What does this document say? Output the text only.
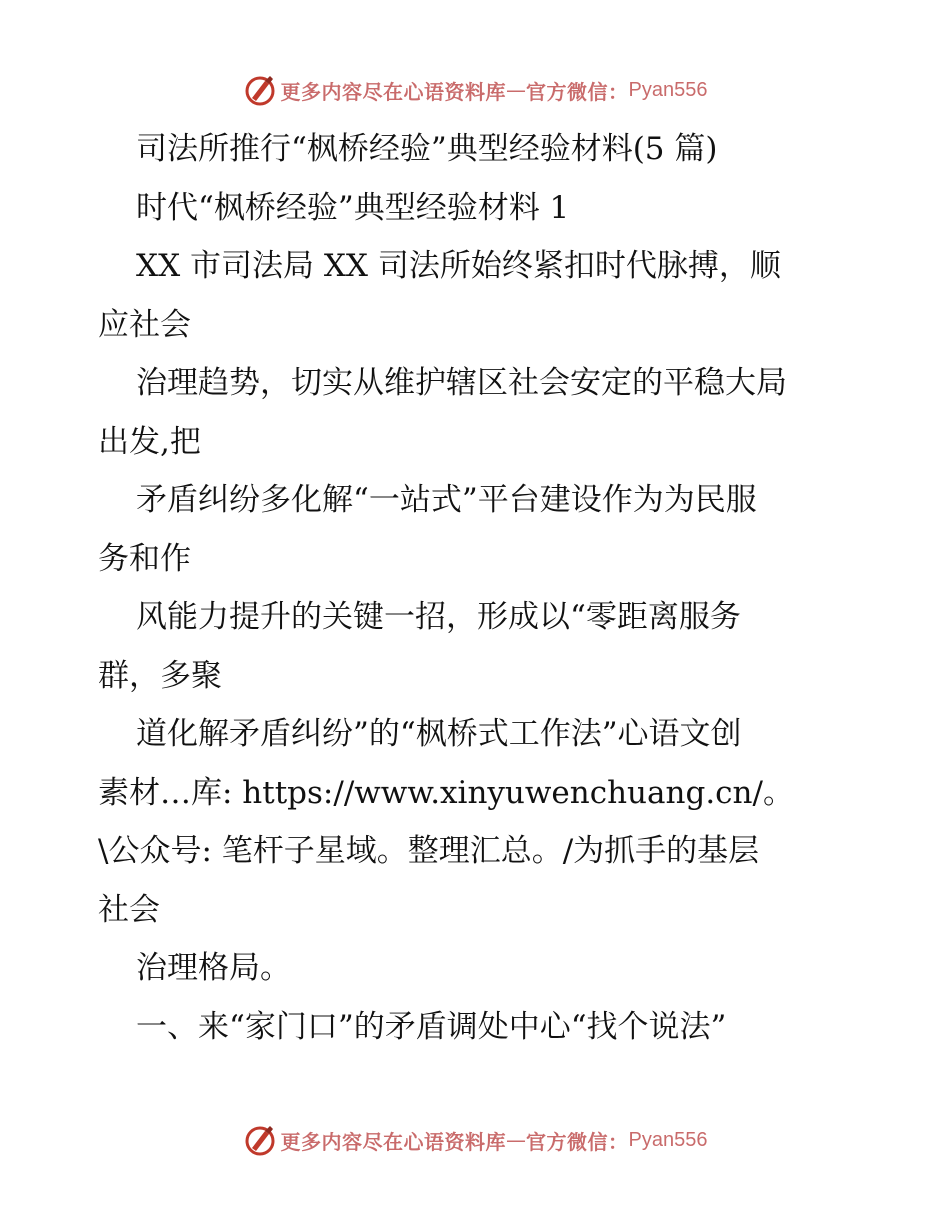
更多内容尽在心语资料库 — 官方微信： Pyan556
司法所推行“枫桥经验”典型经验材料(5 篇)
时代“枫桥经验”典型经验材料 1
XX 市司法局 XX 司法所始终紧扣时代脉搏，顺
应社会
治理趋势，切实从维护辖区社会安定的平稳大局
出发,把
矛盾纠纷多化解“一站式”平台建设作为为民服
务和作
风能力提升的关键一招，形成以“零距离服务
群，多聚
道化解矛盾纠纷”的“枫桥式工作法”心语文创
素材…库: https://www.xinyuwenchuang.cn/。
\公众号: 笔杆子星域。整理汇总。/为抓手的基层
社会
治理格局。
一、来“家门口”的矛盾调处中心“找个说法”
更多内容尽在心语资料库 — 官方微信： Pyan556
